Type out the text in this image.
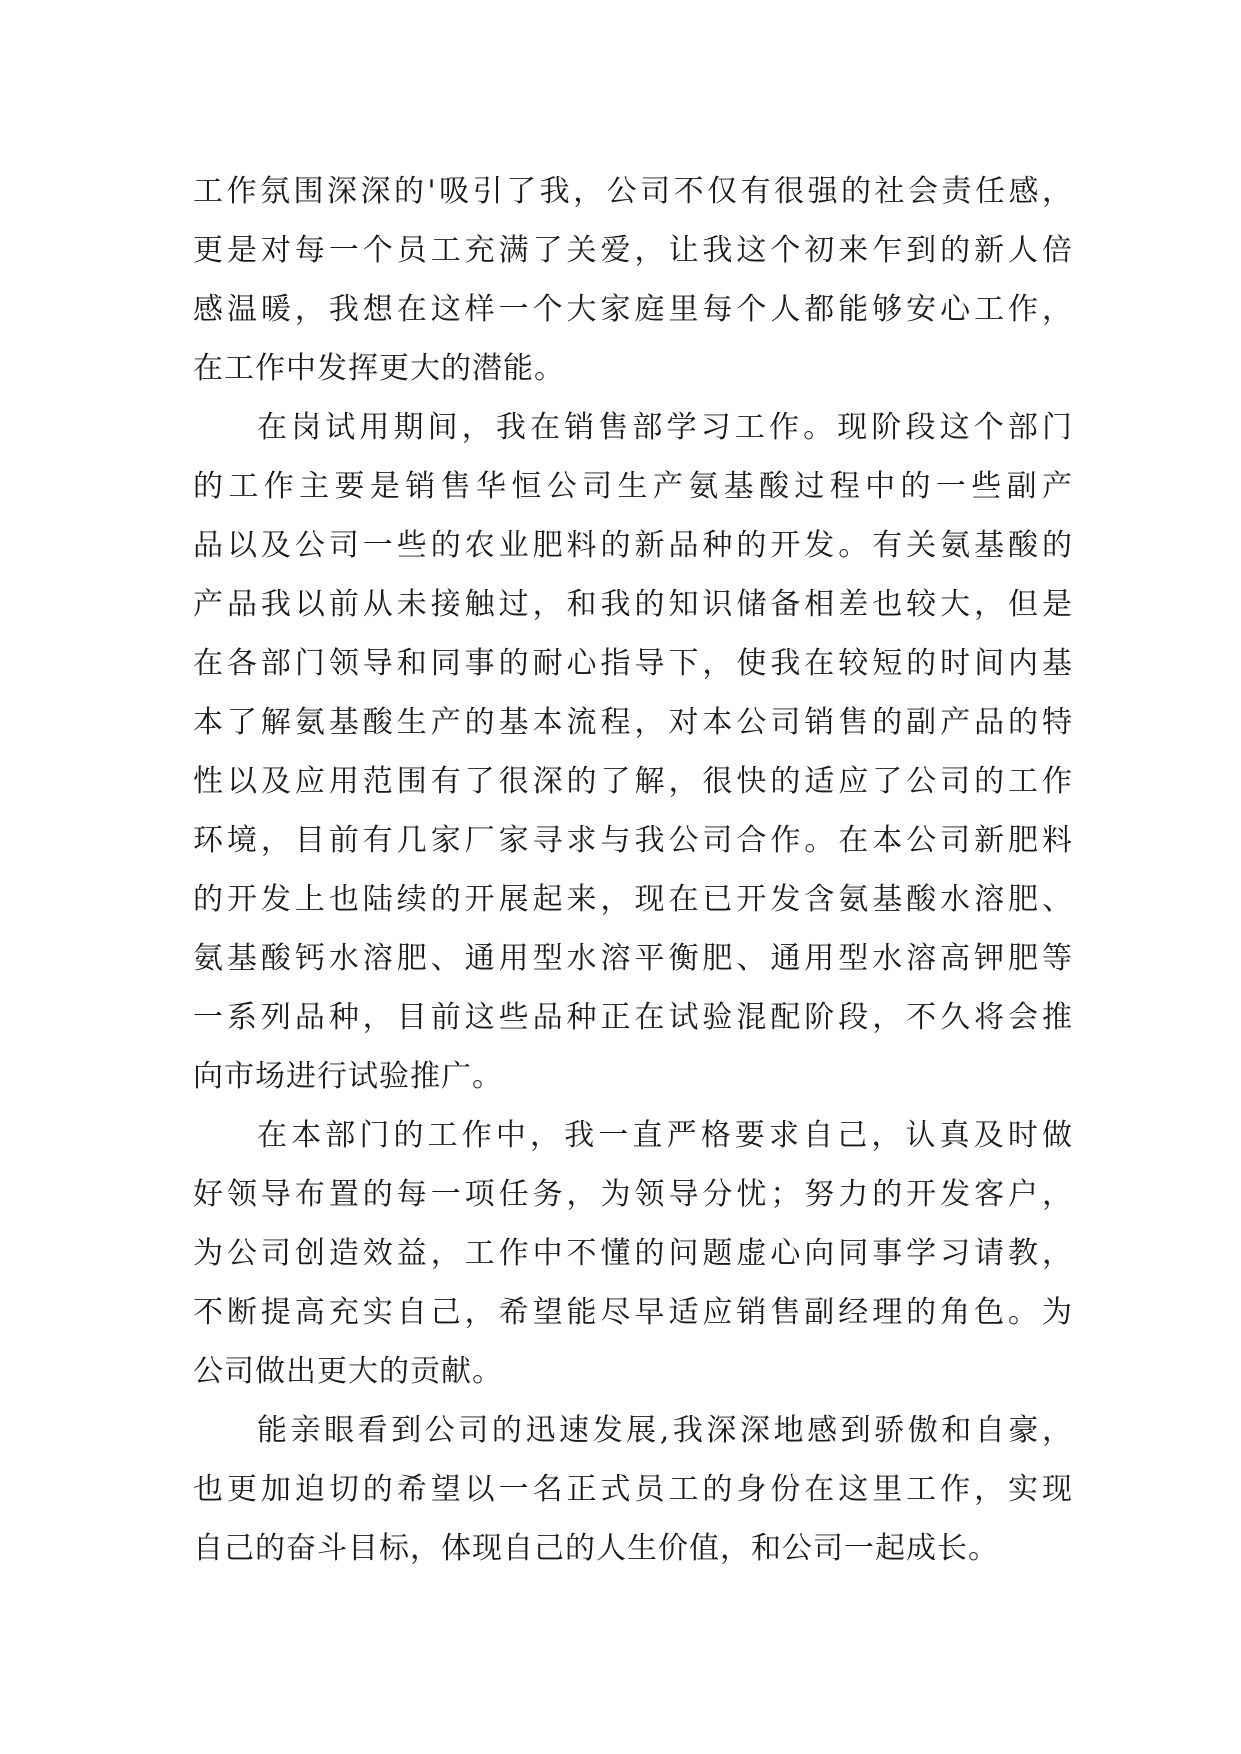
工作氛围深深的'吸引了我，公司不仅有很强的社会责任感，
更是对每一个员工充满了关爱，让我这个初来乍到的新人倍
感温暖，我想在这样一个大家庭里每个人都能够安心工作，
在工作中发挥更大的潜能。
在岗试用期间，我在销售部学习工作。现阶段这个部门
的工作主要是销售华恒公司生产氨基酸过程中的一些副产
品以及公司一些的农业肥料的新品种的开发。有关氨基酸的
产品我以前从未接触过，和我的知识储备相差也较大，但是
在各部门领导和同事的耐心指导下，使我在较短的时间内基
本了解氨基酸生产的基本流程，对本公司销售的副产品的特
性以及应用范围有了很深的了解，很快的适应了公司的工作
环境，目前有几家厂家寻求与我公司合作。在本公司新肥料
的开发上也陆续的开展起来，现在已开发含氨基酸水溶肥、
氨基酸钙水溶肥、通用型水溶平衡肥、通用型水溶高钾肥等
一系列品种，目前这些品种正在试验混配阶段，不久将会推
向市场进行试验推广。
在本部门的工作中，我一直严格要求自己，认真及时做
好领导布置的每一项任务，为领导分忧；努力的开发客户，
为公司创造效益，工作中不懂的问题虚心向同事学习请教，
不断提高充实自己，希望能尽早适应销售副经理的角色。为
公司做出更大的贡献。
能亲眼看到公司的迅速发展,我深深地感到骄傲和自豪，
也更加迫切的希望以一名正式员工的身份在这里工作，实现
自己的奋斗目标，体现自己的人生价值，和公司一起成长。
